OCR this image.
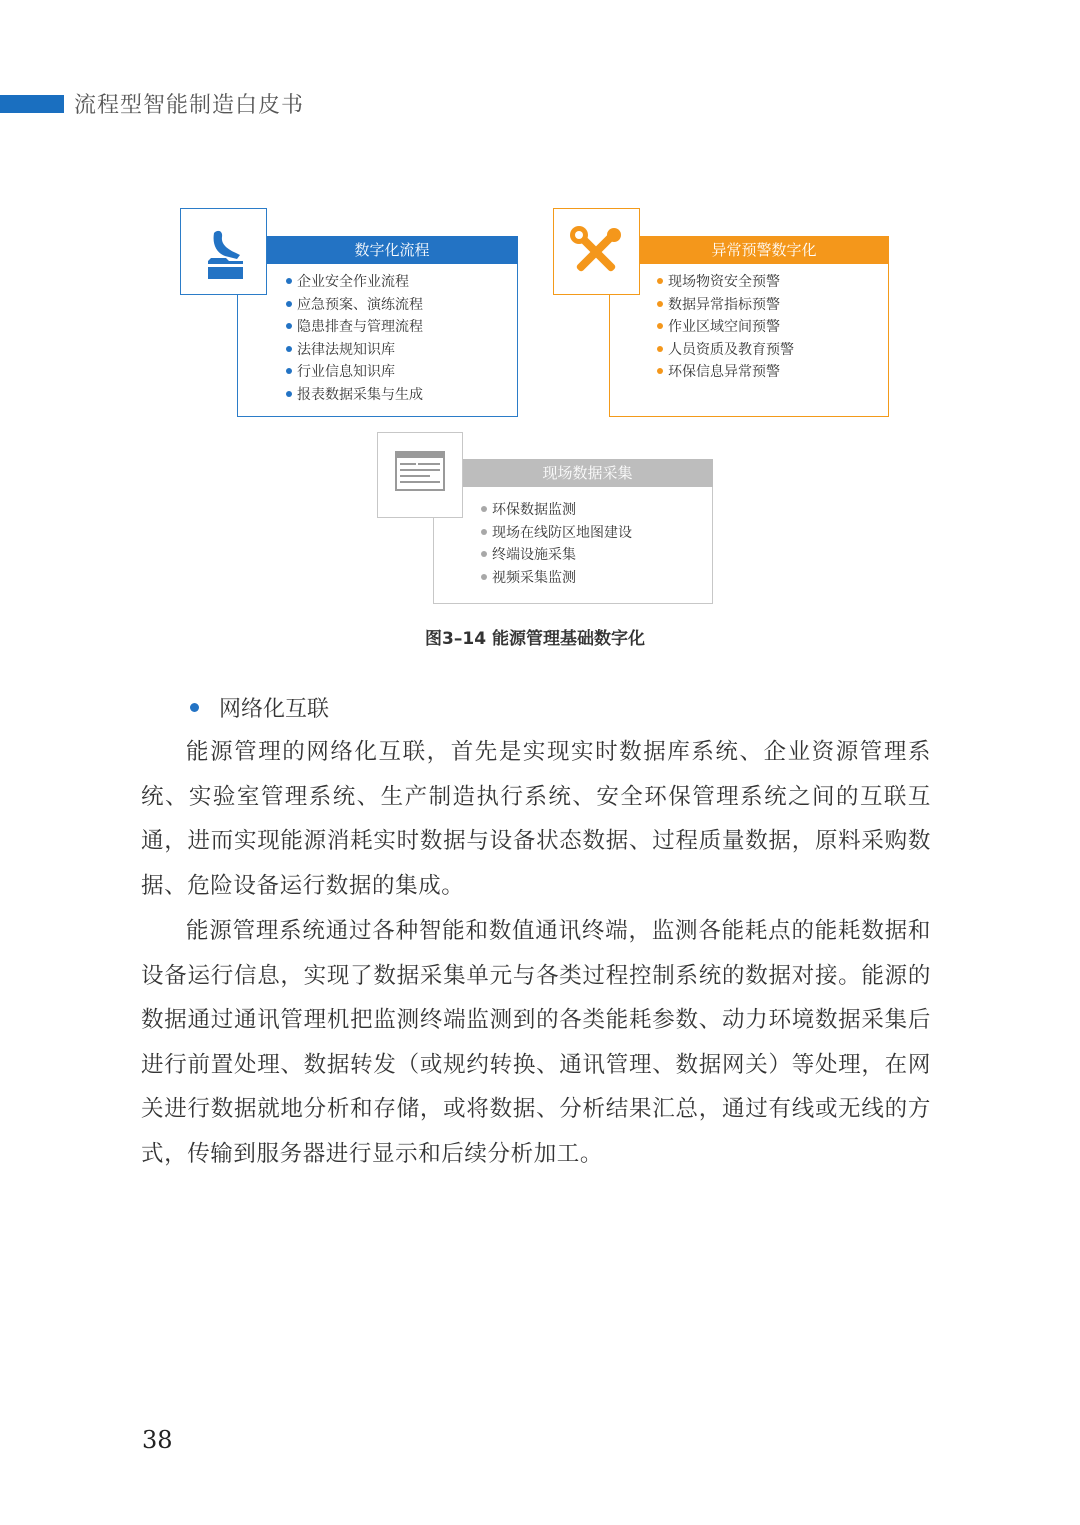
流程型智能制造白皮书
数字化流程
企业安全作业流程
应急预案、演练流程
隐患排查与管理流程
法律法规知识库
行业信息知识库
报表数据采集与生成
异常预警数字化
现场物资安全预警
数据异常指标预警
作业区域空间预警
人员资质及教育预警
环保信息异常预警
现场数据采集
环保数据监测
现场在线防区地图建设
终端设施采集
视频采集监测
图3–14 能源管理基础数字化
网络化互联

能源管理的网络化互联，首先是实现实时数据库系统、企业资源管理系统、实验室管理系统、生产制造执行系统、安全环保管理系统之间的互联互通，进而实现能源消耗实时数据与设备状态数据、过程质量数据，原料采购数据、危险设备运行数据的集成。

能源管理系统通过各种智能和数值通讯终端，监测各能耗点的能耗数据和设备运行信息，实现了数据采集单元与各类过程控制系统的数据对接。能源的数据通过通讯管理机把监测终端监测到的各类能耗参数、动力环境数据采集后进行前置处理、数据转发（或规约转换、通讯管理、数据网关）等处理，在网关进行数据就地分析和存储，或将数据、分析结果汇总，通过有线或无线的方式，传输到服务器进行显示和后续分析加工。

38
